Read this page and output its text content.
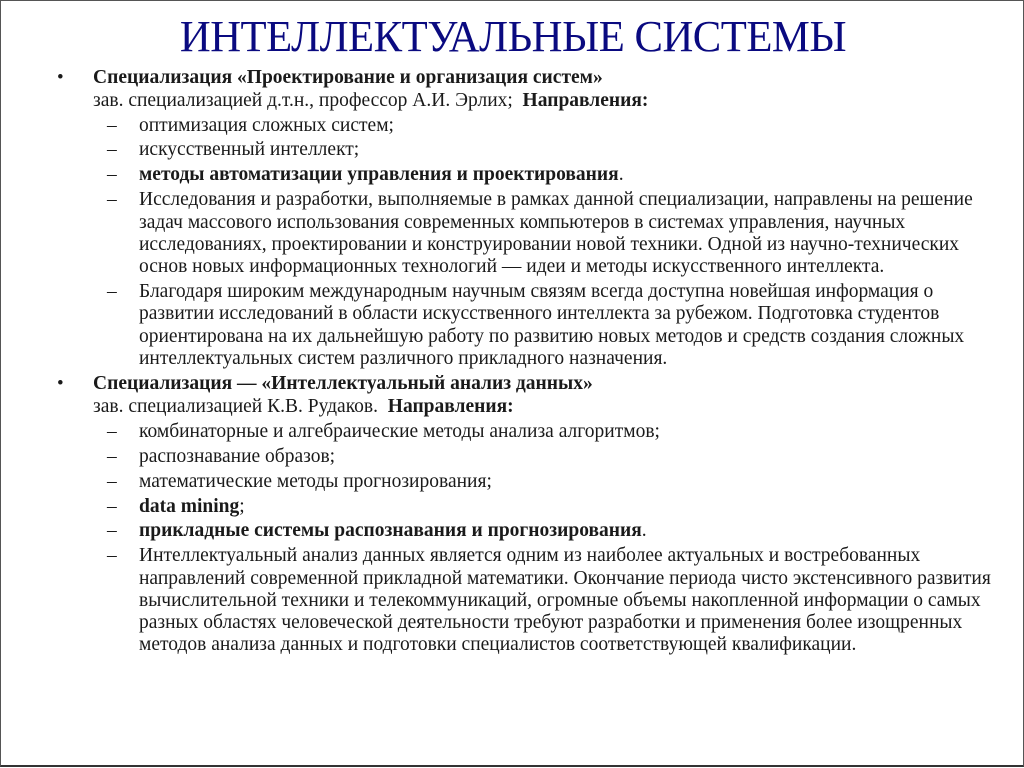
ИНТЕЛЛЕКТУАЛЬНЫЕ СИСТЕМЫ
• Специализация «Проектирование и организация систем»
зав. специализацией д.т.н., профессор А.И. Эрлих;  Направления:
– оптимизация сложных систем;
– искусственный интеллект;
– методы автоматизации управления и проектирования.
– Исследования и разработки, выполняемые в рамках данной специализации, направлены на решение задач массового использования современных компьютеров в системах управления, научных исследованиях, проектировании и конструировании новой техники. Одной из научно-технических основ новых информационных технологий — идеи и методы искусственного интеллекта.
– Благодаря широким международным научным связям всегда доступна новейшая информация о развитии исследований в области искусственного интеллекта за рубежом. Подготовка студентов ориентирована на их дальнейшую работу по развитию новых методов и средств создания сложных интеллектуальных систем различного прикладного назначения.
• Специализация — «Интеллектуальный анализ данных»
зав. специализацией К.В. Рудаков.  Направления:
– комбинаторные и алгебраические методы анализа алгоритмов;
– распознавание образов;
– математические методы прогнозирования;
– data mining;
– прикладные системы распознавания и прогнозирования.
– Интеллектуальный анализ данных является одним из наиболее актуальных и востребованных направлений современной прикладной математики. Окончание периода чисто экстенсивного развития вычислительной техники и телекоммуникаций, огромные объемы накопленной информации о самых разных областях человеческой деятельности требуют разработки и применения более изощренных методов анализа данных и подготовки специалистов соответствующей квалификации.
